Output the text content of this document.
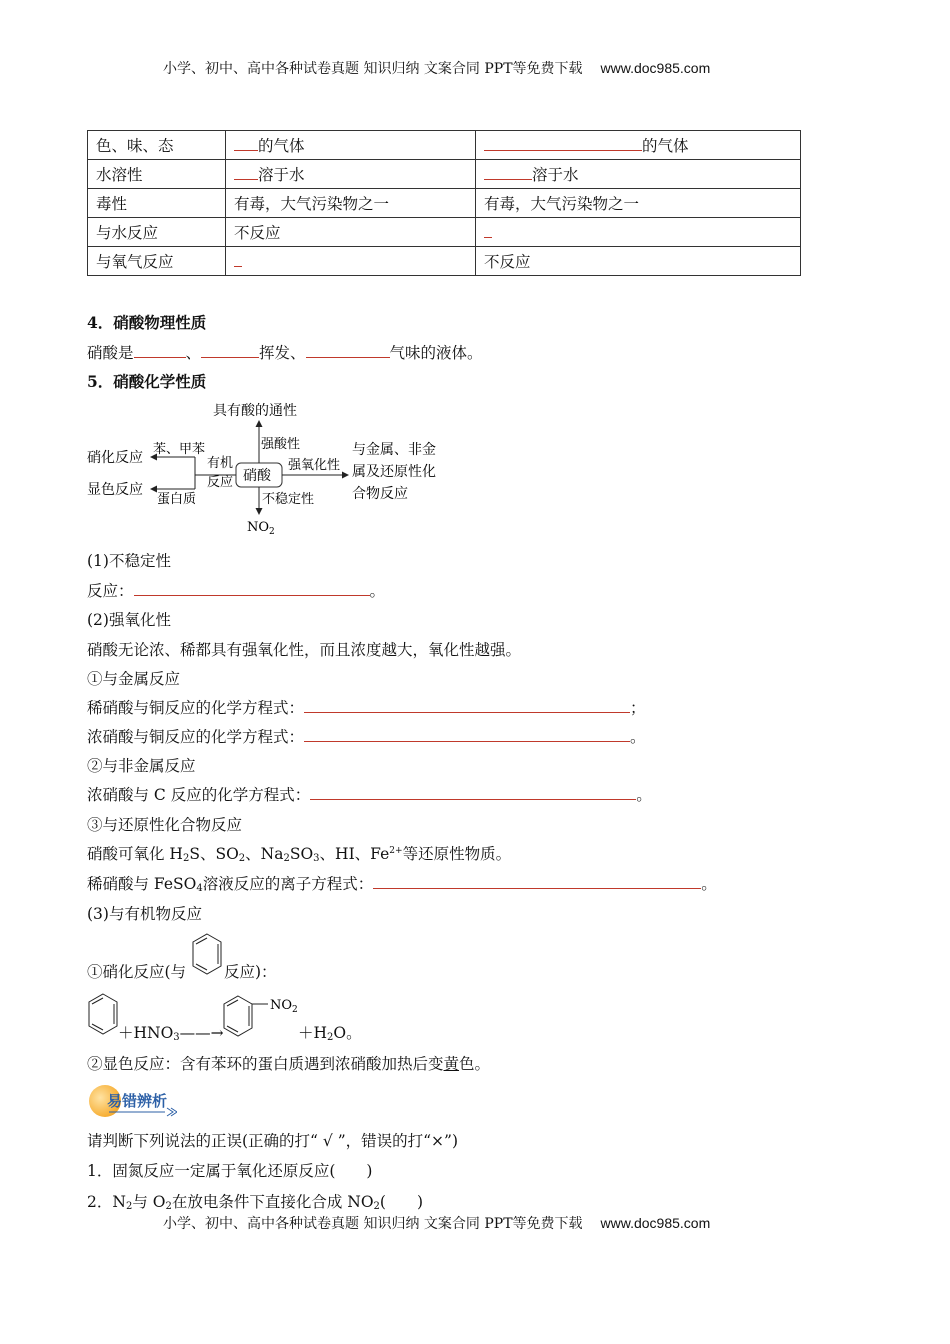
小学、初中、高中各种试卷真题 知识归纳 文案合同 PPT等免费下载 www.doc985.com
色、味、态	的气体	的气体
水溶性	溶于水	溶于水
毒性	有毒，大气污染物之一	有毒，大气污染物之一
与水反应	不反应	
与氧气反应		不反应
4．硝酸物理性质
硝酸是	、	挥发、	气味的液体。
5．硝酸化学性质
硝酸
具有酸的通性
强酸性
强氧化性
与金属、非金
属及还原性化
合物反应
不稳定性
$NO_2$
有机
反应
苯、甲苯
蛋白质
硝化反应
显色反应
(1)不稳定性
反应：	。
(2)强氧化性
硝酸无论浓、稀都具有强氧化性，而且浓度越大，氧化性越强。
①与金属反应
稀硝酸与铜反应的化学方程式：	；
浓硝酸与铜反应的化学方程式：	。
②与非金属反应
浓硝酸与 C 反应的化学方程式：	。
③与还原性化合物反应
硝酸可氧化 $H_2S$、$SO_2$、$Na_2SO_3$、HI、$Fe^{2+}$等还原性物质。
稀硝酸与 FeSO$_4$溶液反应的离子方程式：	。
(3)与有机物反应
①硝化反应(与 反应)：
$+HNO_3——\to$
$NO_2$
$+H_2O$。
②显色反应：含有苯环的蛋白质遇到浓硝酸加热后变黄色。
易错辨析
请判断下列说法的正误(正确的打“ √ ”，错误的打“×”)
1．固氮反应一定属于氧化还原反应(　　)
2．$N_2$与 $O_2$在放电条件下直接化合成 $NO_2$(　　)
小学、初中、高中各种试卷真题 知识归纳 文案合同 PPT等免费下载 www.doc985.com
